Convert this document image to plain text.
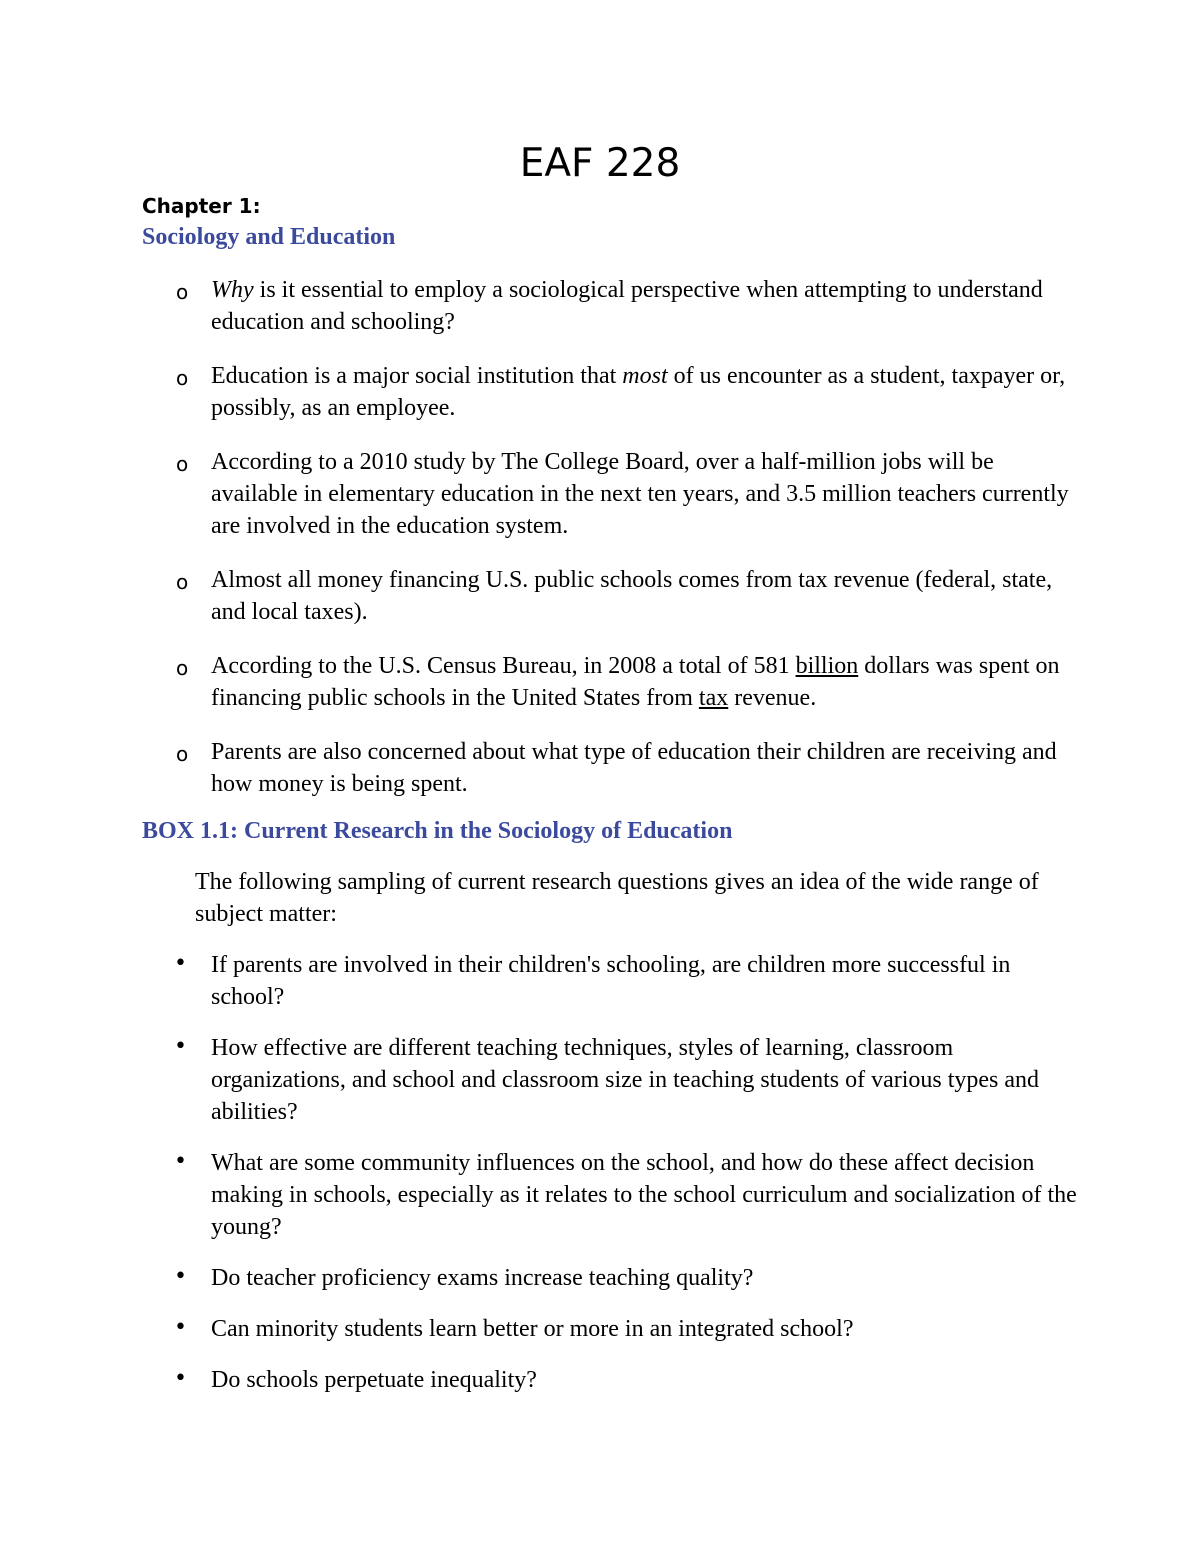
EAF 228
Chapter 1:
Sociology and Education
o Why is it essential to employ a sociological perspective when attempting to understand education and schooling?
o Education is a major social institution that most of us encounter as a student, taxpayer or, possibly, as an employee.
o According to a 2010 study by The College Board, over a half-million jobs will be available in elementary education in the next ten years, and 3.5 million teachers currently are involved in the education system.
o Almost all money financing U.S. public schools comes from tax revenue (federal, state, and local taxes).
o According to the U.S. Census Bureau, in 2008 a total of 581 billion dollars was spent on financing public schools in the United States from tax revenue.
o Parents are also concerned about what type of education their children are receiving and how money is being spent.
BOX 1.1: Current Research in the Sociology of Education
The following sampling of current research questions gives an idea of the wide range of subject matter:
• If parents are involved in their children's schooling, are children more successful in school?
• How effective are different teaching techniques, styles of learning, classroom organizations, and school and classroom size in teaching students of various types and abilities?
• What are some community influences on the school, and how do these affect decision making in schools, especially as it relates to the school curriculum and socialization of the young?
• Do teacher proficiency exams increase teaching quality?
• Can minority students learn better or more in an integrated school?
• Do schools perpetuate inequality?
